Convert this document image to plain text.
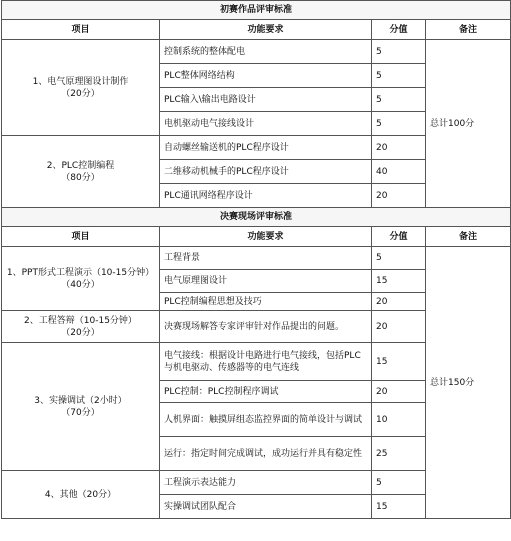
初赛作品评审标准			
项目	功能要求	分值	备注

1、电气原理图设计制作
（20分）	控制系统的整体配电	5	总计100分
	PLC整体网络结构	5	
	PLC输入\输出电路设计	5	
	电机驱动电气接线设计	5	

2、PLC控制编程
（80分）	自动螺丝输送机的PLC程序设计	20	
	二维移动机械手的PLC程序设计	40	
	PLC通讯网络程序设计	20	
决赛现场评审标准			
项目	功能要求	分值	备注

1、PPT形式工程演示（10-15分钟）
（40分）	工程背景	5	总计150分
	电气原理图设计	15	
	PLC控制编程思想及技巧	20	

2、工程答辩（10-15分钟）
（20分）	决赛现场解答专家评审针对作品提出的问题。	20	

3、实操调试（2小时）
（70分）	电气接线：根据设计电路进行电气接线，包括PLC与机电驱动、传感器等的电气连线	15	
	PLC控制：PLC控制程序调试	20	
	人机界面：触摸屏组态监控界面的简单设计与调试	10	
	运行：指定时间完成调试，成功运行并具有稳定性	25	

4、其他（20分）	工程演示表达能力	5	
	实操调试团队配合	15	
